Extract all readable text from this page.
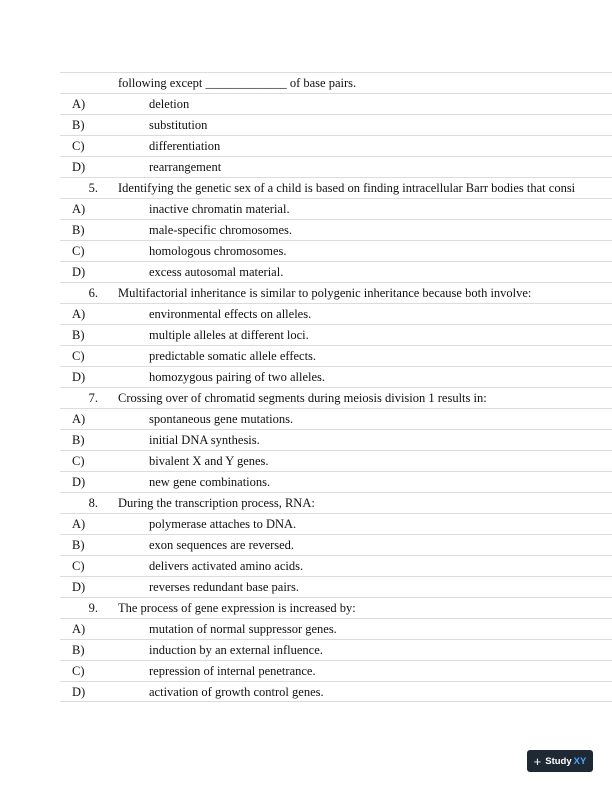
following except _____________ of base pairs.
A)	deletion
B)	substitution
C)	differentiation
D)	rearrangement
5. Identifying the genetic sex of a child is based on finding intracellular Barr bodies that consi
A)	inactive chromatin material.
B)	male-specific chromosomes.
C)	homologous chromosomes.
D)	excess autosomal material.
6. Multifactorial inheritance is similar to polygenic inheritance because both involve:
A)	environmental effects on alleles.
B)	multiple alleles at different loci.
C)	predictable somatic allele effects.
D)	homozygous pairing of two alleles.
7. Crossing over of chromatid segments during meiosis division 1 results in:
A)	spontaneous gene mutations.
B)	initial DNA synthesis.
C)	bivalent X and Y genes.
D)	new gene combinations.
8. During the transcription process, RNA:
A)	polymerase attaches to DNA.
B)	exon sequences are reversed.
C)	delivers activated amino acids.
D)	reverses redundant base pairs.
9. The process of gene expression is increased by:
A)	mutation of normal suppressor genes.
B)	induction by an external influence.
C)	repression of internal penetrance.
D)	activation of growth control genes.
+ Study XY
